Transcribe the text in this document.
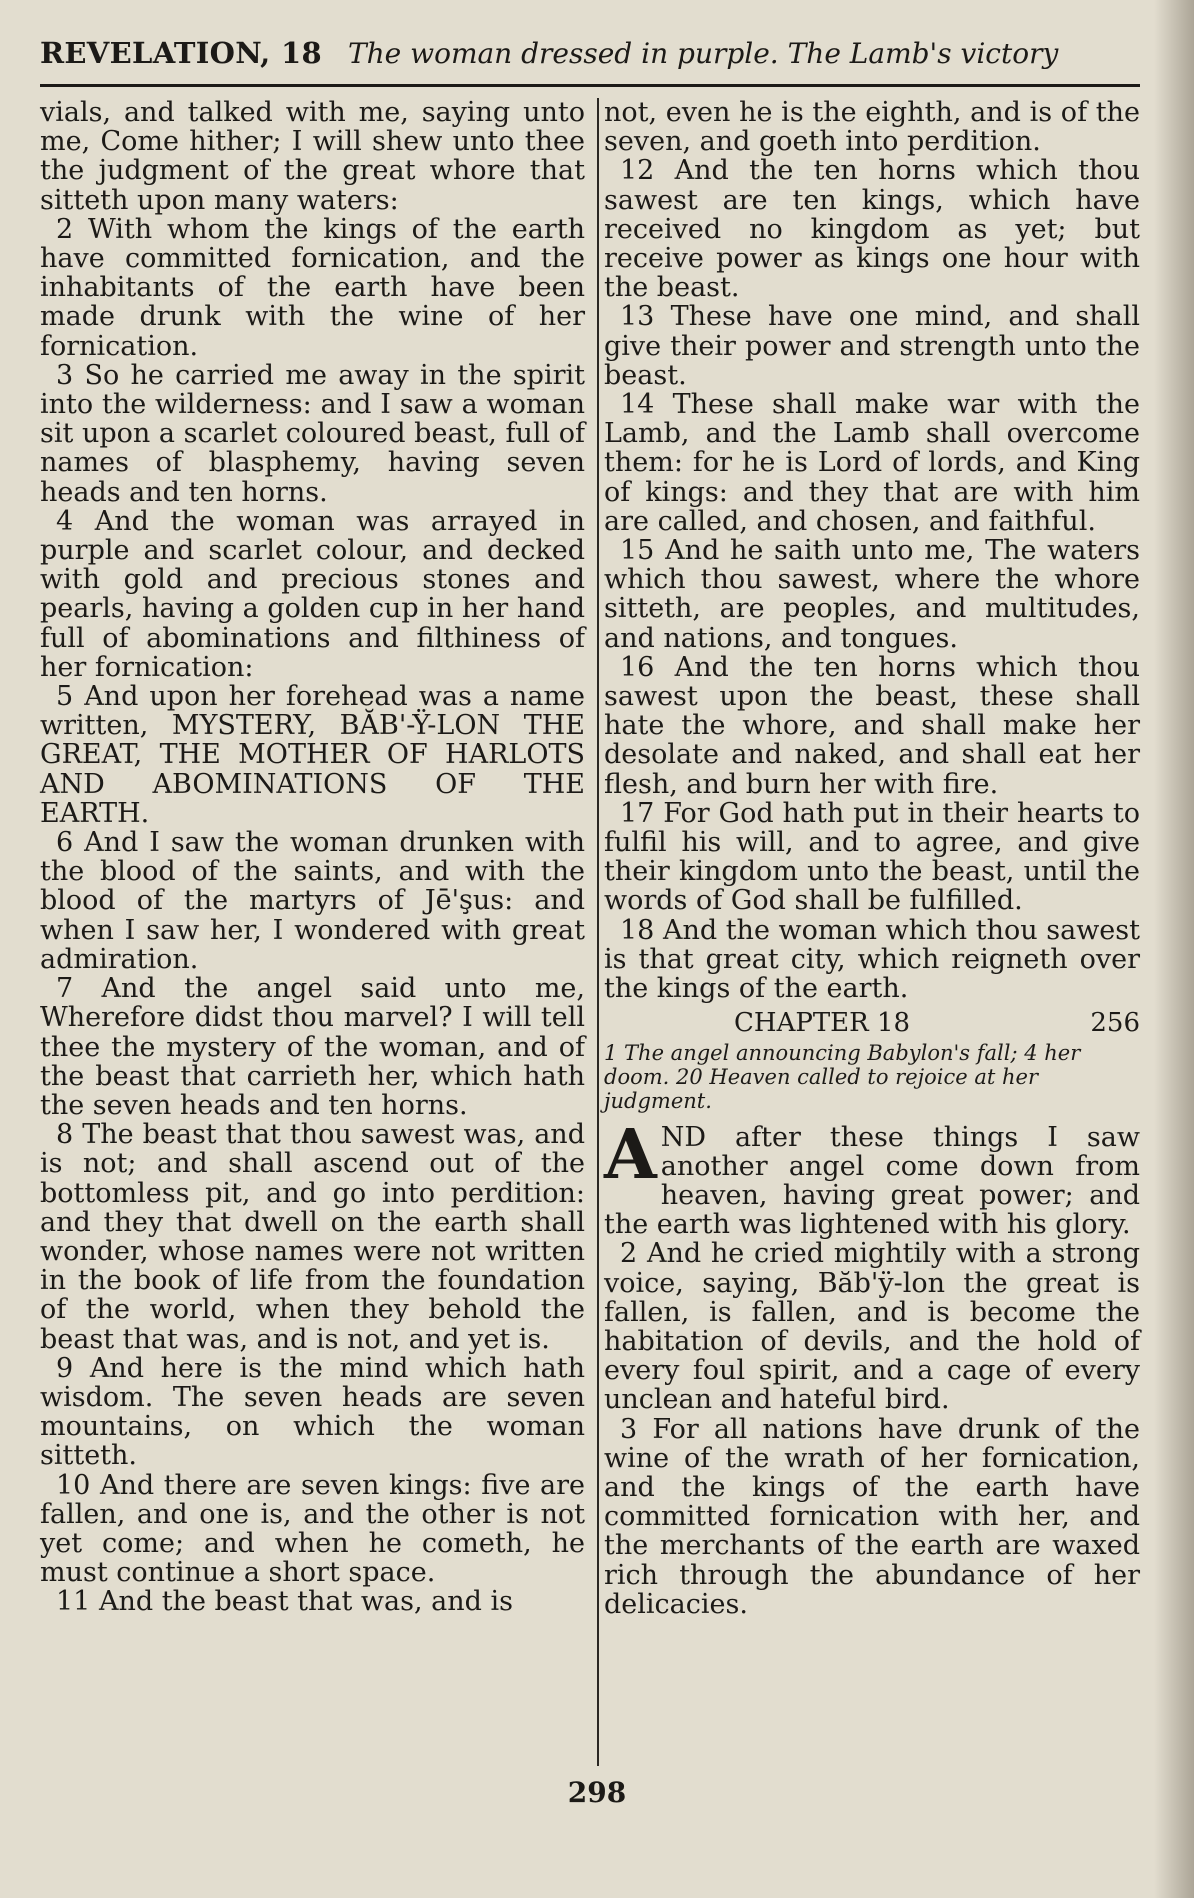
REVELATION, 18 The woman dressed in purple. The Lamb's victory

vials, and talked with me, saying unto me, Come hither; I will shew unto thee the judgment of the great whore that sitteth upon many waters:

2 With whom the kings of the earth have committed fornication, and the inhabitants of the earth have been made drunk with the wine of her fornication.

3 So he carried me away in the spirit into the wilderness: and I saw a woman sit upon a scarlet coloured beast, full of names of blasphemy, having seven heads and ten horns.

4 And the woman was arrayed in purple and scarlet colour, and decked with gold and precious stones and pearls, having a golden cup in her hand full of abominations and filthiness of her fornication:

5 And upon her forehead was a name written, MYSTERY, BĂB'-Ÿ-LON THE GREAT, THE MOTHER OF HARLOTS AND ABOMINATIONS OF THE EARTH.

6 And I saw the woman drunken with the blood of the saints, and with the blood of the martyrs of Jē'şus: and when I saw her, I wondered with great admiration.

7 And the angel said unto me, Wherefore didst thou marvel? I will tell thee the mystery of the woman, and of the beast that carrieth her, which hath the seven heads and ten horns.

8 The beast that thou sawest was, and is not; and shall ascend out of the bottomless pit, and go into perdition: and they that dwell on the earth shall wonder, whose names were not written in the book of life from the foundation of the world, when they behold the beast that was, and is not, and yet is.

9 And here is the mind which hath wisdom. The seven heads are seven mountains, on which the woman sitteth.

10 And there are seven kings: five are fallen, and one is, and the other is not yet come; and when he cometh, he must continue a short space.

11 And the beast that was, and is

not, even he is the eighth, and is of the seven, and goeth into perdition.

12 And the ten horns which thou sawest are ten kings, which have received no kingdom as yet; but receive power as kings one hour with the beast.

13 These have one mind, and shall give their power and strength unto the beast.

14 These shall make war with the Lamb, and the Lamb shall overcome them: for he is Lord of lords, and King of kings: and they that are with him are called, and chosen, and faithful.

15 And he saith unto me, The waters which thou sawest, where the whore sitteth, are peoples, and multitudes, and nations, and tongues.

16 And the ten horns which thou sawest upon the beast, these shall hate the whore, and shall make her desolate and naked, and shall eat her flesh, and burn her with fire.

17 For God hath put in their hearts to fulfil his will, and to agree, and give their kingdom unto the beast, until the words of God shall be fulfilled.

18 And the woman which thou sawest is that great city, which reigneth over the kings of the earth.

CHAPTER 18	256

1 The angel announcing Babylon's fall; 4 her doom. 20 Heaven called to rejoice at her judgment.

AND after these things I saw another angel come down from heaven, having great power; and the earth was lightened with his glory.

2 And he cried mightily with a strong voice, saying, Băb'ÿ-lon the great is fallen, is fallen, and is become the habitation of devils, and the hold of every foul spirit, and a cage of every unclean and hateful bird.

3 For all nations have drunk of the wine of the wrath of her fornication, and the kings of the earth have committed fornication with her, and the merchants of the earth are waxed rich through the abundance of her delicacies.

298
